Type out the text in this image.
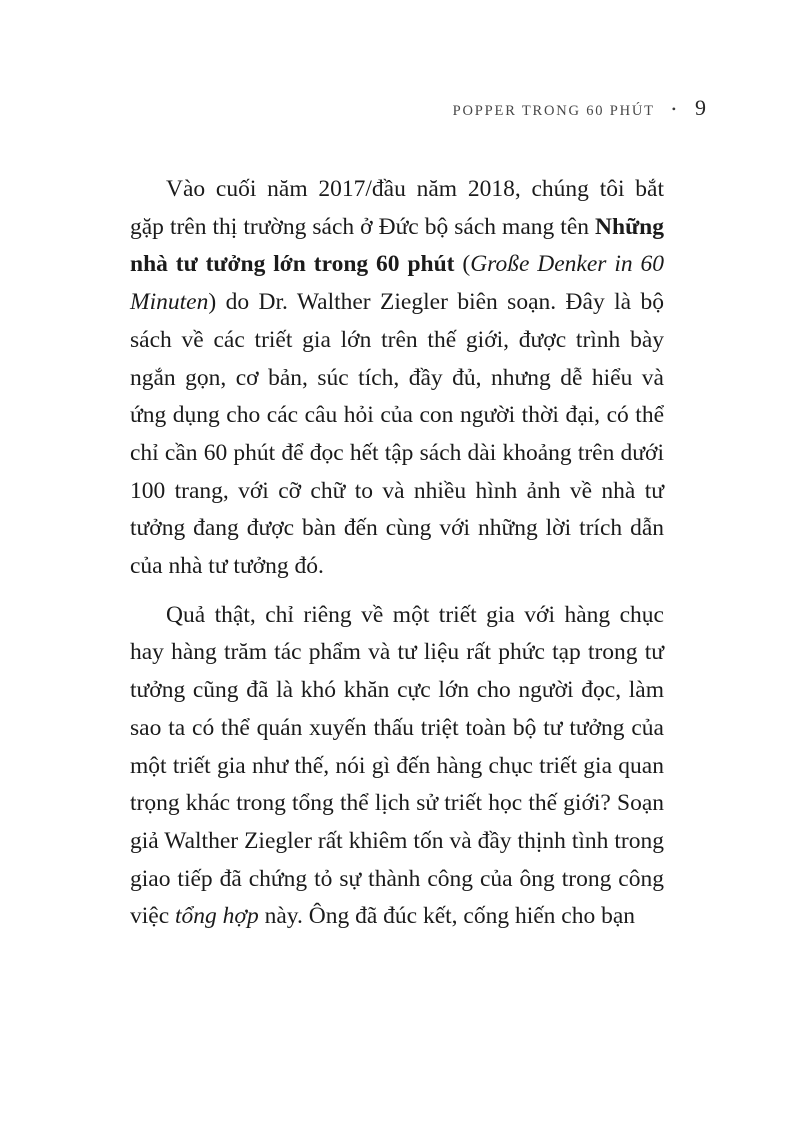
POPPER TRONG 60 PHÚT • 9

Vào cuối năm 2017/đầu năm 2018, chúng tôi bắt gặp trên thị trường sách ở Đức bộ sách mang tên Những nhà tư tưởng lớn trong 60 phút (Große Denker in 60 Minuten) do Dr. Walther Ziegler biên soạn. Đây là bộ sách về các triết gia lớn trên thế giới, được trình bày ngắn gọn, cơ bản, súc tích, đầy đủ, nhưng dễ hiểu và ứng dụng cho các câu hỏi của con người thời đại, có thể chỉ cần 60 phút để đọc hết tập sách dài khoảng trên dưới 100 trang, với cỡ chữ to và nhiều hình ảnh về nhà tư tưởng đang được bàn đến cùng với những lời trích dẫn của nhà tư tưởng đó.

Quả thật, chỉ riêng về một triết gia với hàng chục hay hàng trăm tác phẩm và tư liệu rất phức tạp trong tư tưởng cũng đã là khó khăn cực lớn cho người đọc, làm sao ta có thể quán xuyến thấu triệt toàn bộ tư tưởng của một triết gia như thế, nói gì đến hàng chục triết gia quan trọng khác trong tổng thể lịch sử triết học thế giới? Soạn giả Walther Ziegler rất khiêm tốn và đầy thịnh tình trong giao tiếp đã chứng tỏ sự thành công của ông trong công việc tổng hợp này. Ông đã đúc kết, cống hiến cho bạn
